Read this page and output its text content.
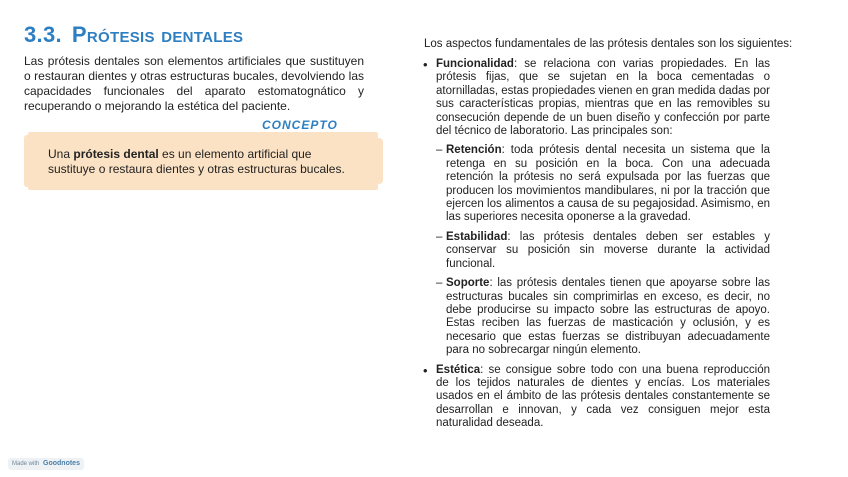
3.3. Prótesis dentales

Las prótesis dentales son elementos artificiales que sustituyen o restauran dientes y otras estructuras bucales, devolviendo las capacidades funcionales del aparato estomatognático y recuperando o mejorando la estética del paciente.

CONCEPTO
Una prótesis dental es un elemento artificial que sustituye o restaura dientes y otras estructuras bucales.
Made with Goodnotes
Los aspectos fundamentales de las prótesis dentales son los siguientes:
• Funcionalidad: se relaciona con varias propiedades. En las prótesis fijas, que se sujetan en la boca cementadas o atornilladas, estas propiedades vienen en gran medida dadas por sus características propias, mientras que en las removibles su consecución depende de un buen diseño y confección por parte del técnico de laboratorio. Las principales son:
– Retención: toda prótesis dental necesita un sistema que la retenga en su posición en la boca. Con una adecuada retención la prótesis no será expulsada por las fuerzas que producen los movimientos mandibulares, ni por la tracción que ejercen los alimentos a causa de su pegajosidad. Asimismo, en las superiores necesita oponerse a la gravedad.
– Estabilidad: las prótesis dentales deben ser estables y conservar su posición sin moverse durante la actividad funcional.
– Soporte: las prótesis dentales tienen que apoyarse sobre las estructuras bucales sin comprimirlas en exceso, es decir, no debe producirse su impacto sobre las estructuras de apoyo. Estas reciben las fuerzas de masticación y oclusión, y es necesario que estas fuerzas se distribuyan adecuadamente para no sobrecargar ningún elemento.
• Estética: se consigue sobre todo con una buena reproducción de los tejidos naturales de dientes y encías. Los materiales usados en el ámbito de las prótesis dentales constantemente se desarrollan e innovan, y cada vez consiguen mejor esta naturalidad deseada.
